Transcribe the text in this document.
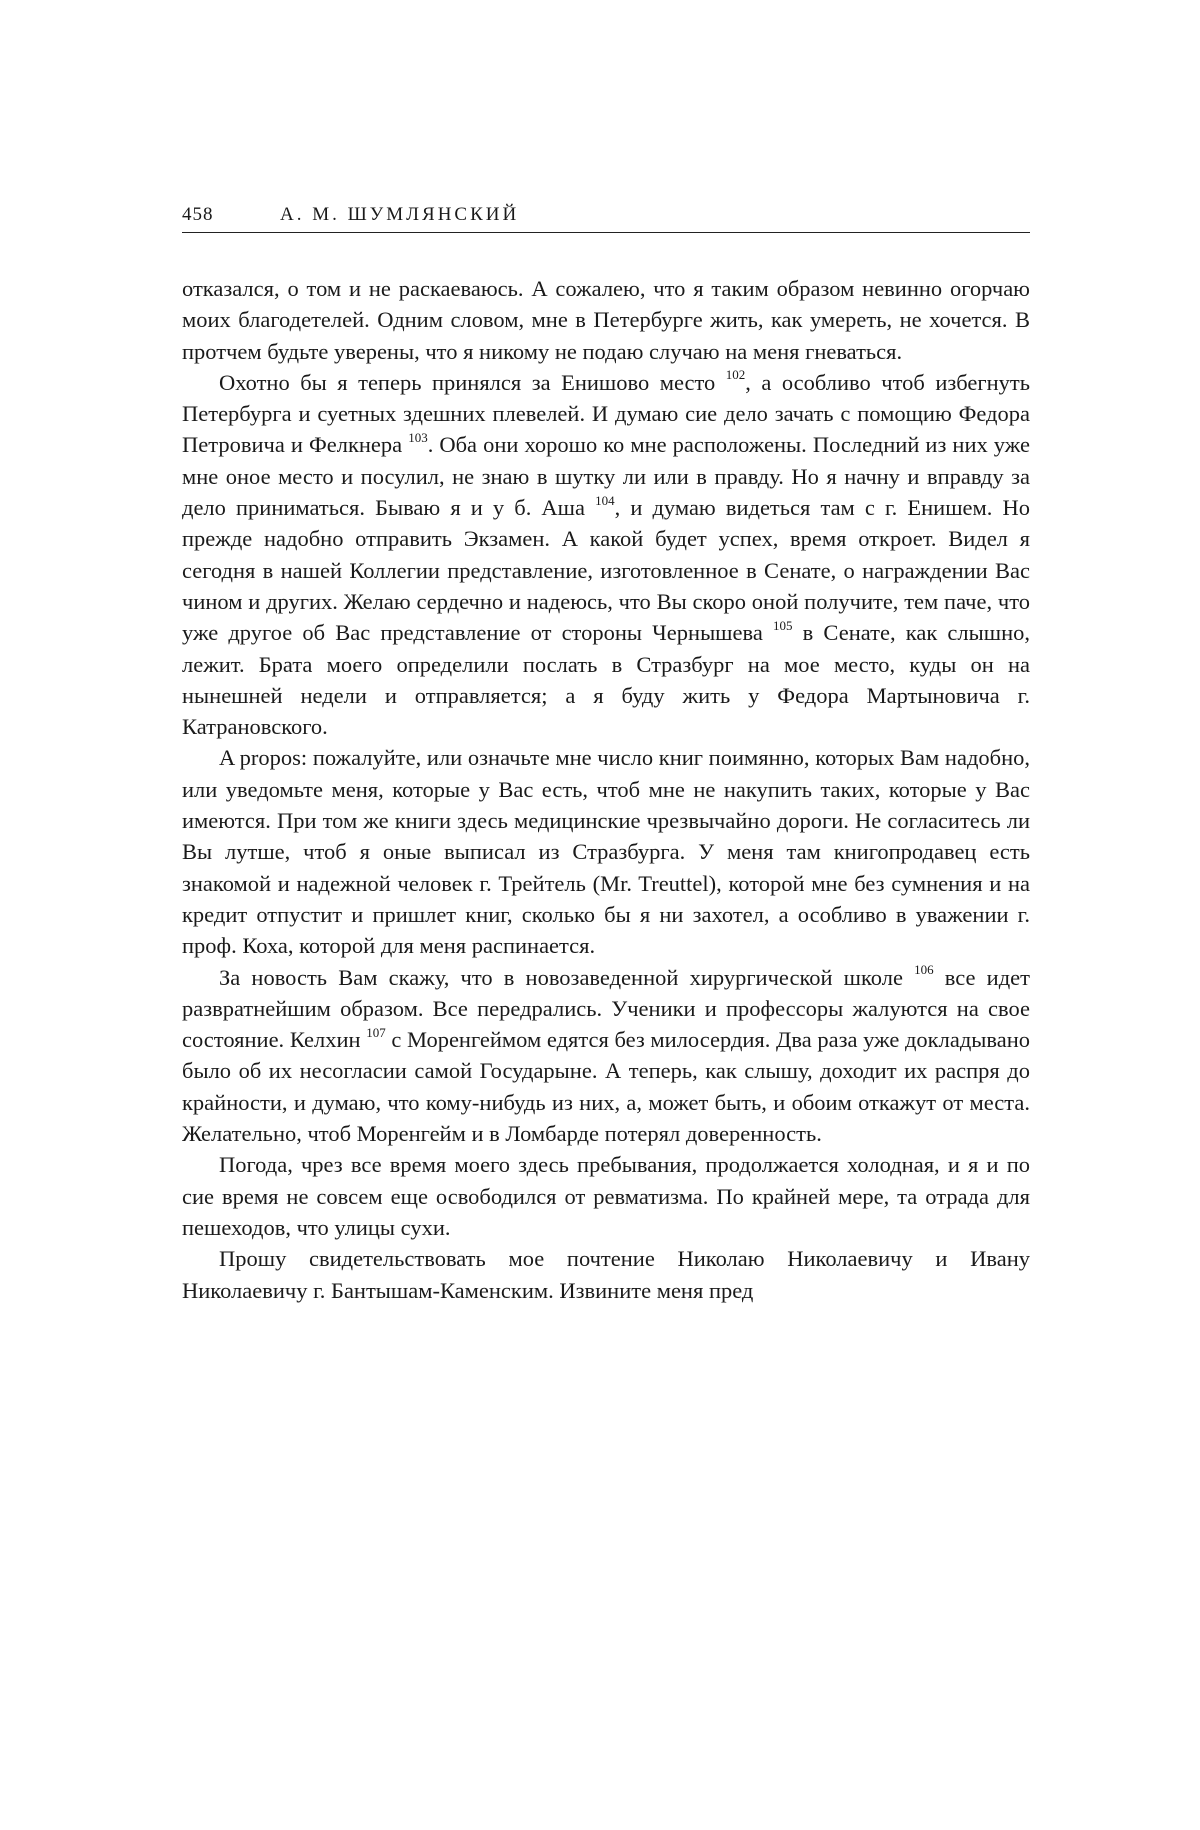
458	А. М. ШУМЛЯНСКИЙ

отказался, о том и не раскаеваюсь. А сожалею, что я таким образом невинно огорчаю моих благодетелей. Одним словом, мне в Петербурге жить, как умереть, не хочется. В протчем будьте уверены, что я никому не подаю случаю на меня гневаться.

Охотно бы я теперь принялся за Енишово место $^{102}$, а особливо чтоб избегнуть Петербурга и суетных здешних плевелей. И думаю сие дело зачать с помощию Федора Петровича и Фелкнера $^{103}$. Оба они хорошо ко мне расположены. Последний из них уже мне оное место и посулил, не знаю в шутку ли или в правду. Но я начну и вправду за дело приниматься. Бываю я и у б. Аша $^{104}$, и думаю видеться там с г. Енишем. Но прежде надобно отправить Экзамен. А какой будет успех, время откроет. Видел я сегодня в нашей Коллегии представление, изготовленное в Сенате, о награждении Вас чином и других. Желаю сердечно и надеюсь, что Вы скоро оной получите, тем паче, что уже другое об Вас представление от стороны Чернышева $^{105}$ в Сенате, как слышно, лежит. Брата моего определили послать в Стразбург на мое место, куды он на нынешней недели и отправляется; а я буду жить у Федора Мартыновича г. Катрановского.

A propos: пожалуйте, или означьте мне число книг поимянно, которых Вам надобно, или уведомьте меня, которые у Вас есть, чтоб мне не накупить таких, которые у Вас имеются. При том же книги здесь медицинские чрезвычайно дороги. Не согласитесь ли Вы лутше, чтоб я оные выписал из Стразбурга. У меня там книгопродавец есть знакомой и надежной человек г. Трейтель (Mr. Treuttel), которой мне без сумнения и на кредит отпустит и пришлет книг, сколько бы я ни захотел, а особливо в уважении г. проф. Коха, которой для меня распинается.

За новость Вам скажу, что в новозаведенной хирургической школе $^{106}$ все идет развратнейшим образом. Все передрались. Ученики и профессоры жалуются на свое состояние. Келхин $^{107}$ с Моренгеймом едятся без милосердия. Два раза уже докладывано было об их несогласии самой Государыне. А теперь, как слышу, доходит их распря до крайности, и думаю, что кому-нибудь из них, а, может быть, и обоим откажут от места. Желательно, чтоб Моренгейм и в Ломбарде потерял доверенность.

Погода, чрез все время моего здесь пребывания, продолжается холодная, и я и по сие время не совсем еще освободился от ревматизма. По крайней мере, та отрада для пешеходов, что улицы сухи.

Прошу свидетельствовать мое почтение Николаю Николаевичу и Ивану Николаевичу г. Бантышам-Каменским. Извините меня пред
